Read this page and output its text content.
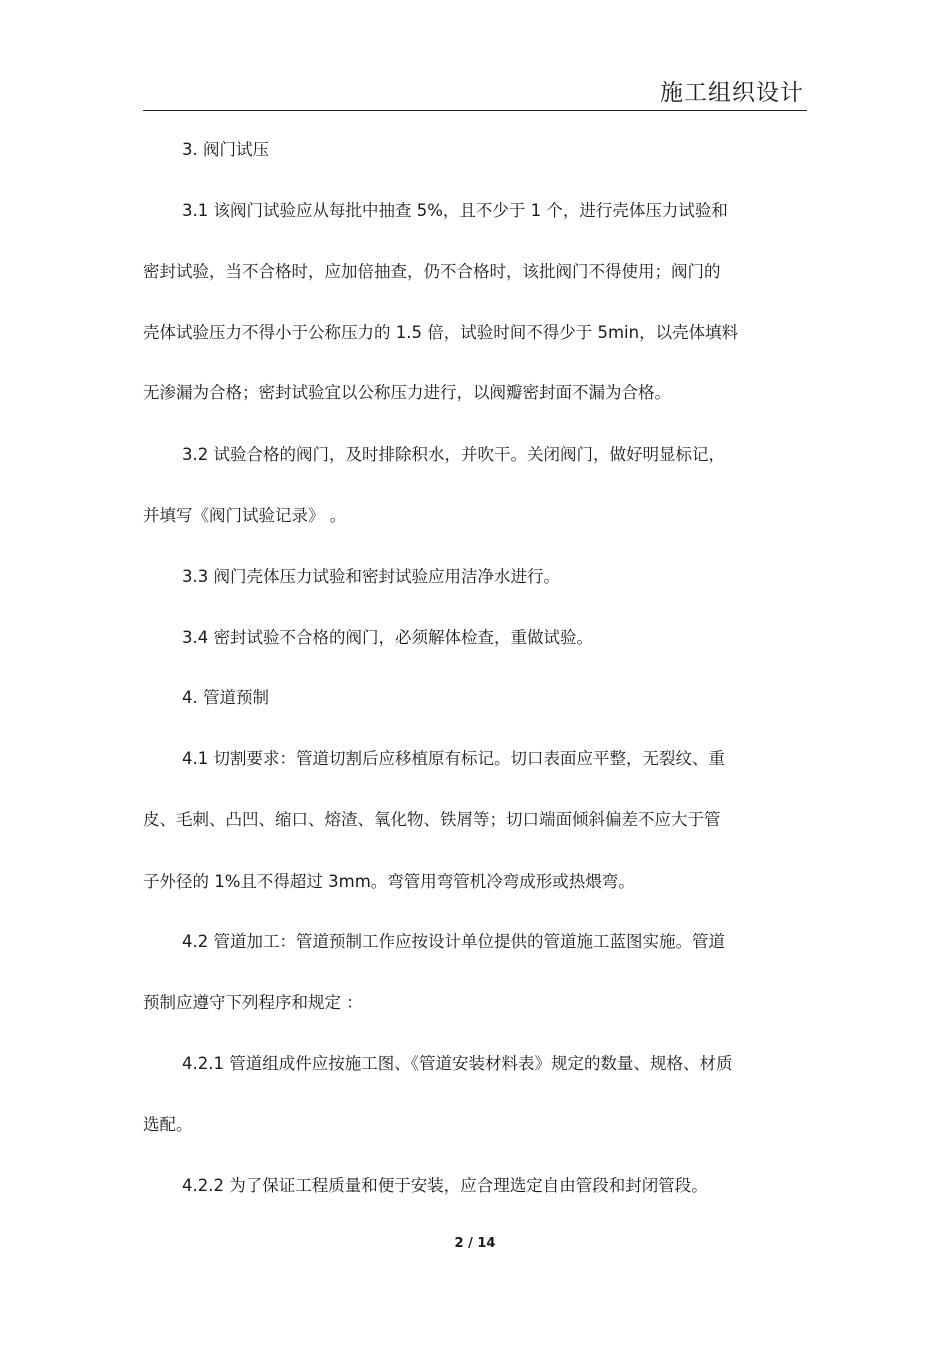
施工组织设计
3. 阀门试压
3.1 该阀门试验应从每批中抽查 5%，且不少于 1 个，进行壳体压力试验和
密封试验，当不合格时，应加倍抽查，仍不合格时，该批阀门不得使用；阀门的
壳体试验压力不得小于公称压力的 1.5 倍，试验时间不得少于 5min，以壳体填料
无渗漏为合格；密封试验宜以公称压力进行，以阀瓣密封面不漏为合格。
3.2 试验合格的阀门，及时排除积水，并吹干。关闭阀门，做好明显标记，
并填写《阀门试验记录》 。
3.3 阀门壳体压力试验和密封试验应用洁净水进行。
3.4 密封试验不合格的阀门，必须解体检查，重做试验。
4. 管道预制
4.1 切割要求：管道切割后应移植原有标记。切口表面应平整，无裂纹、重
皮、毛刺、凸凹、缩口、熔渣、氧化物、铁屑等；切口端面倾斜偏差不应大于管
子外径的 1%且不得超过 3mm。弯管用弯管机冷弯成形或热煨弯。
4.2 管道加工：管道预制工作应按设计单位提供的管道施工蓝图实施。管道
预制应遵守下列程序和规定 ：
4.2.1 管道组成件应按施工图、《管道安装材料表》规定的数量、规格、材质
选配。
4.2.2 为了保证工程质量和便于安装，应合理选定自由管段和封闭管段。
2 / 14
